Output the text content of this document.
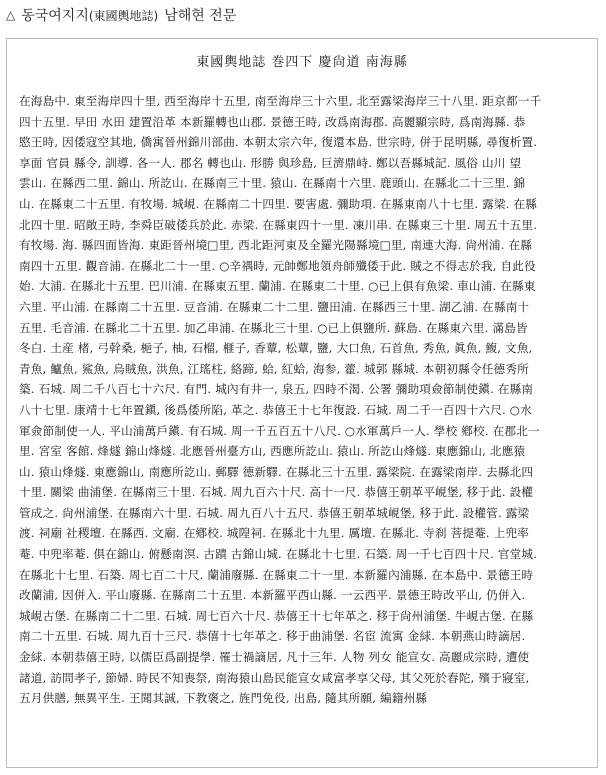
△ 동국여지지 (東國輿地誌) 남해현 전문
東國輿地誌 巻四下 慶尙道 南海縣
在海島中. 東至海岸四十里, 西至海岸十五里, 南至海岸三十六里, 北至露梁海岸三十八里. 距京都一千
四十五里. 早田 水田 建置沿革 本新羅轉也山郡. 景德王時, 改爲南海郡. 高麗顯宗時, 爲南海縣. 恭
愍王時, 因倭寇空其地, 僑寓晉州錦川部曲. 本朝太宗六年, 復還本島. 世宗時, 併于昆明縣, 尋復析置.
享面 官員 縣令, 訓導. 各一人. 郡名 轉也山. 形勝 與珍島, 巨濟鼎峙. 鄭以吾縣城記. 風俗 山川 望
雲山. 在縣西二里. 錦山. 所訖山. 在縣南三十里. 猿山. 在縣南十六里. 鹿頭山. 在縣北二十三里. 錦
山. 在縣東二十五里. 有牧場. 城峴. 在縣南二十四里. 要害處. 彌助項. 在縣東南八十七里. 露梁. 在縣
北四十里. 昭敞王時, 李舜臣破倭兵於此. 赤梁. 在縣東四十一里. 凍川串. 在縣東三十里. 周五十五里.
有牧場. 海. 縣四面皆海. 東距晉州境□里, 西北距河東及全羅光陽縣境□里, 南連大海. 尙州浦. 在縣
南四十五里. 觀音浦. 在縣北二十一里. ○辛禑時, 元帥鄭地領舟師殲倭于此. 賊之不得志於我, 自此役
始. 大浦. 在縣北十五里. 巴川浦. 在縣東五里. 蘭浦. 在縣東二十里. ○已上俱有魚梁. 車山浦. 在縣東
六里. 平山浦. 在縣南二十五里. 豆音浦. 在縣東二十二里. 鹽田浦. 在縣西三十里. 湖乙浦. 在縣南十
五里. 毛音浦. 在縣北二十五里. 加乙串浦. 在縣北三十里. ○已上俱鹽所. 蘇島. 在縣東六里. 滿島皆
冬白. 土産 楮, 弓幹桑, 梔子, 柚, 石榴, 榧子, 香蕈, 松蕈, 鹽, 大口魚, 石首魚, 秀魚, 眞魚, 鰒, 文魚,
青魚, 鱸魚, 鯊魚, 烏賊魚, 洪魚, 江瑤柱, 絡蹄, 蛤, 紅蛤, 海参, 藿. 城郭 縣城. 本朝初縣令任德秀所
築. 石城. 周二千八百七十六尺. 有門. 城內有井一, 泉五, 四時不渴. 公署 彌助項僉節制使鎭. 在縣南
八十七里. 康靖十七年置鎭, 後爲倭所陷, 革之. 恭僖王十七年復設. 石城. 周二千一百四十六尺. ○水
軍僉節制使一人. 平山浦萬戶鎭. 有石城. 周一千五百五十八尺. ○水軍萬戶一人. 學校 鄕校. 在郡北一
里. 宮室 客館. 烽燧 錦山烽燧. 北應晉州臺方山, 西應所訖山. 猿山. 所訖山烽燧. 東應錦山, 北應猿
山. 猿山烽燧. 東應錦山, 南應所訖山. 郵驛 德新驛. 在縣北三十五里. 露梁院. 在露梁南岸. 去縣北四
十里. 關梁 曲浦堡. 在縣南三十里. 石城. 周九百六十尺. 高十一尺. 恭僖王朝革平峴堡, 移于此. 設權
管成之. 尙州浦堡. 在縣南六十里. 石城. 周九百八十五尺. 恭僖王朝革城峴堡, 移于此. 設權管. 露梁
渡. 祠廟 社稷壇. 在縣西. 文廟. 在鄕校. 城隍祠. 在縣北十九里. 厲壇. 在縣北. 寺刹 菩提菴. 上兜率
菴. 中兜率菴. 俱在錦山. 俯懸南溟. 古蹟 古錦山城. 在縣北十七里. 石築. 周一千七百四十尺. 官堂城.
在縣北十七里. 石築. 周七百二十尺. 蘭浦廢縣. 在縣東二十一里. 本新羅內浦縣. 在本島中. 景德王時
改蘭浦, 因併入. 平山廢縣. 在縣南二十五里. 本新羅平西山縣. 一云西平. 景德王時改平山, 仍併入.
城峴古堡. 在縣南二十二里. 石城. 周七百六十尺. 恭僖王十七年革之. 移于尙州浦堡. 牛峴古堡. 在縣
南二十五里. 石城. 周九百十三尺. 恭僖十七年革之. 移于曲浦堡. 名宦 流寓 金絿. 本朝燕山時謫居.
金絿. 本朝恭僖王時, 以儒臣爲副提學. 罹士禍謫居, 凡十三年. 人物 列女 能宣女. 高麗成宗時, 遭使
諸道, 訪問孝子, 節婦. 時民不知喪祭, 南海猿山島民能宣女咸富孝享父母, 其父死於舂陀, 殯于寢室,
五月供膳, 無異平生. 王聞其誠, 下教褒之, 旌門免役, 出島, 隨其所願, 編籍州縣
